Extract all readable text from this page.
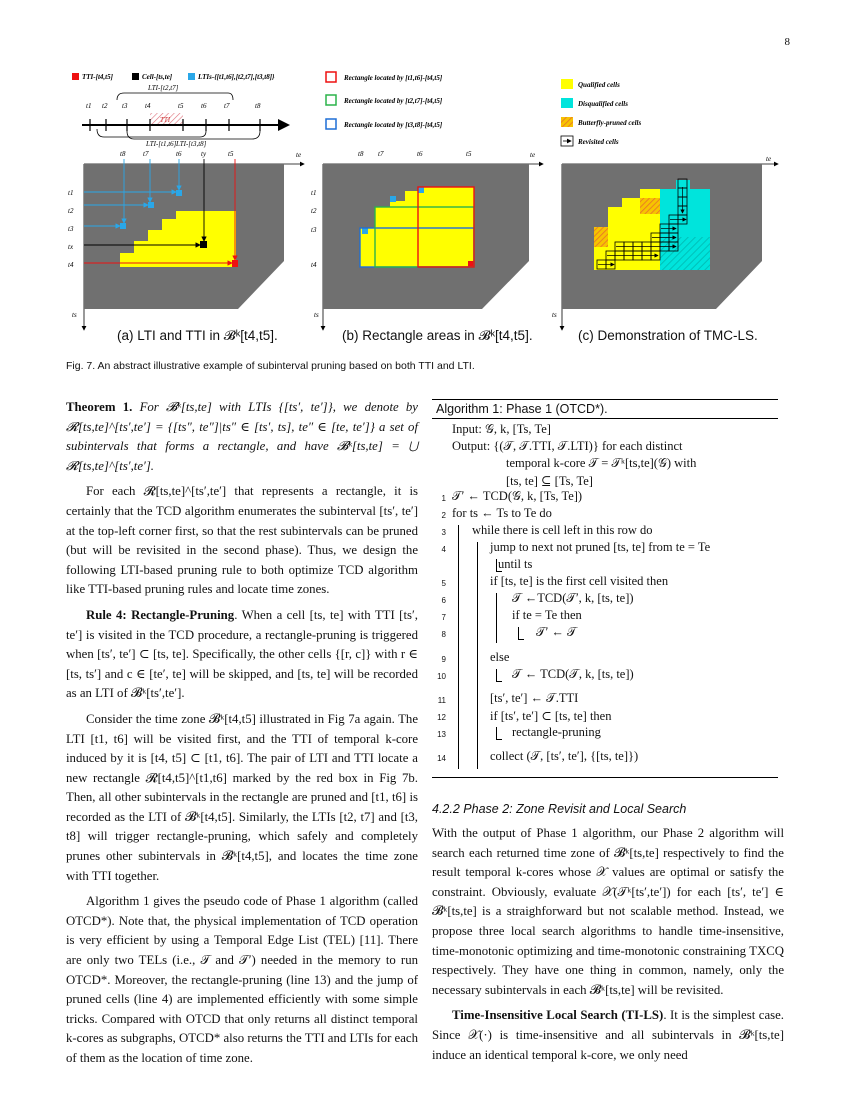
8
TTI-[t4,t5]	Cell-[ts,te]	LTIs-{[t1,t6],[t2,t7],[t3,t8]}
LTI-[t2,t7]
t1 t2 t3	t4	t5	t6	t7	t8
TTI
LTI-[t1,t6] LTI-[t3,t8]
Rectangle located by [t1,t6]-[t4,t5]
Rectangle located by [t2,t7]-[t4,t5]
Rectangle located by [t3,t8]-[t4,t5]
Qualified cells
Disqualified cells
Butterfly-pruned cells
Revisited cells
te
ts
t8	t7	t6	ty	t5
t1
t2
t3
tx
t4
te
ts
t8 t7	t6	t5
t1
t2
t3
t4
te
ts
(a) LTI and TTI in 𝓑ᵏ[t4,t5].	(b) Rectangle areas in 𝓑ᵏ[t4,t5].	(c) Demonstration of TMC-LS.
Fig. 7. An abstract illustrative example of subinterval pruning based on both TTI and LTI.

Theorem 1. For 𝓑ᵏ[ts,te] with LTIs {[ts′, te′]}, we denote by 𝓡[ts,te]^[ts′,te′] = {[ts″, te″]|ts″ ∈ [ts′, ts], te″ ∈ [te, te′]} a set of subintervals that forms a rectangle, and have 𝓑ᵏ[ts,te] = ⋃ 𝓡[ts,te]^[ts′,te′].

For each 𝓡[ts,te]^[ts′,te′] that represents a rectangle, it is certainly that the TCD algorithm enumerates the subinterval [ts′, te′] at the top-left corner first, so that the rest subintervals can be pruned (but will be revisited in the second phase). Thus, we design the following LTI-based pruning rule to both optimize TCD algorithm like TTI-based pruning rules and locate time zones.

Rule 4: Rectangle-Pruning. When a cell [ts, te] with TTI [ts′, te′] is visited in the TCD procedure, a rectangle-pruning is triggered when [ts′, te′] ⊂ [ts, te]. Specifically, the other cells {[r, c]} with r ∈ [ts, ts′] and c ∈ [te′, te] will be skipped, and [ts, te] will be recorded as an LTI of 𝓑ᵏ[ts′,te′].

Consider the time zone 𝓑ᵏ[t4,t5] illustrated in Fig 7a again. The LTI [t1, t6] will be visited first, and the TTI of temporal k-core induced by it is [t4, t5] ⊂ [t1, t6]. The pair of LTI and TTI locate a new rectangle 𝓡[t4,t5]^[t1,t6] marked by the red box in Fig 7b. Then, all other subintervals in the rectangle are pruned and [t1, t6] is recorded as the LTI of 𝓑ᵏ[t4,t5]. Similarly, the LTIs [t2, t7] and [t3, t8] will trigger rectangle-pruning, which safely and completely prunes other subintervals in 𝓑ᵏ[t4,t5], and locates the time zone with TTI together.

Algorithm 1 gives the pseudo code of Phase 1 algorithm (called OTCD*). Note that, the physical implementation of TCD operation is very efficient by using a Temporal Edge List (TEL) [11]. There are only two TELs (i.e., 𝒯 and 𝒯′) needed in the memory to run OTCD*. Moreover, the rectangle-pruning (line 13) and the jump of pruned cells (line 4) are implemented efficiently with some simple tricks. Compared with OTCD that only returns all distinct temporal k-cores as subgraphs, OTCD* also returns the TTI and LTIs for each of them as the location of time zone.

Algorithm 1: Phase 1 (OTCD*).
Input: 𝒢, k, [Ts, Te]
Output: {(𝒯, 𝒯.TTI, 𝒯.LTI)} for each distinct
temporal k-core 𝒯 = 𝒯ᵏ[ts,te](𝒢) with
[ts, te] ⊆ [Ts, Te]
1 𝒯′ ← TCD(𝒢, k, [Ts, Te])
2 for ts ← Ts to Te do
3 while there is cell left in this row do
4	jump to next not pruned [ts, te] from te = Te
until ts
5	if [ts, te] is the first cell visited then
6	𝒯 ←TCD(𝒯′, k, [ts, te])
7	if te = Te then
8	𝒯′ ← 𝒯
9	else
10	𝒯 ← TCD(𝒯, k, [ts, te])
11	[ts′, te′] ← 𝒯.TTI
12	if [ts′, te′] ⊂ [ts, te] then
13	rectangle-pruning
14	collect (𝒯, [ts′, te′], {[ts, te]})
4.2.2 Phase 2: Zone Revisit and Local Search

With the output of Phase 1 algorithm, our Phase 2 algorithm will search each returned time zone of 𝓑ᵏ[ts,te] respectively to find the result temporal k-cores whose 𝒳 values are optimal or satisfy the constraint. Obviously, evaluate 𝒳(𝒯ᵏ[ts′,te′]) for each [ts′, te′] ∈ 𝓑ᵏ[ts,te] is a straighforward but not scalable method. Instead, we propose three local search algorithms to handle time-insensitive, time-monotonic optimizing and time-monotonic constraining TXCQ respectively. They have one thing in common, namely, only the necessary subintervals in each 𝓑ᵏ[ts,te] will be revisited.

Time-Insensitive Local Search (TI-LS). It is the simplest case. Since 𝒳(·) is time-insensitive and all subintervals in 𝓑ᵏ[ts,te] induce an identical temporal k-core, we only need
